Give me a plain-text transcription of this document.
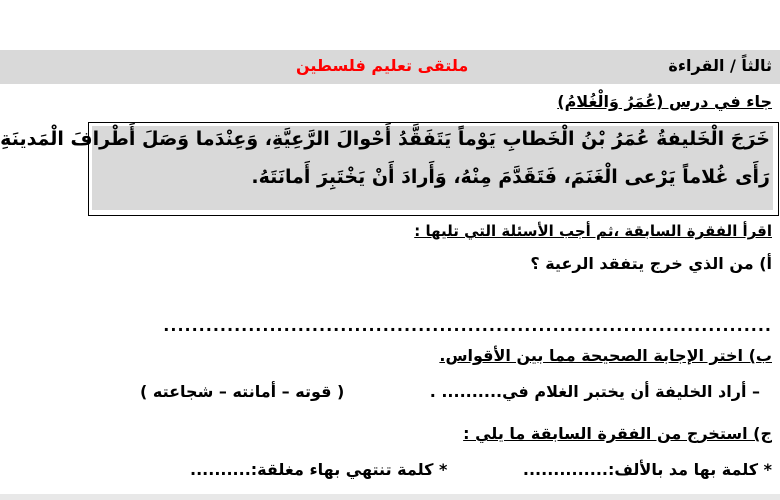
ثالثاً / القراءة
ملتقى تعليم فلسطين
جاء في درس (عُمَرُ وَالْغُلامُ)
خَرَجَ الْخَليفةُ عُمَرُ بْنُ الْخَطابِ يَوْماً يَتَفَقَّدُ أَحْوالَ الرَّعِيَّةِ، وَعِنْدَما وَصَلَ أَطْرافَ الْمَدينَةِ
رَأَى غُلاماً يَرْعى الْغَنَمَ، فَتَقَدَّمَ مِنْهُ، وَأَرادَ أَنْ يَخْتَبِرَ أَمانَتَهُ.
اقرأ الفقرة السابقة ،ثم أجب الأسئلة التي تليها :
أ) من الذي خرج يتفقد الرعية ؟
......................................................................................
ب) اختر الإجابة الصحيحة مما بين الأقواس.
– أراد الخليفة أن يختبر الغلام في.......... .
( قوته – أمانته – شجاعته )
ج) استخرج من الفقرة السابقة ما يلي :
* كلمة بها مد بالألف:..............
* كلمة تنتهي بهاء مغلقة:..........
